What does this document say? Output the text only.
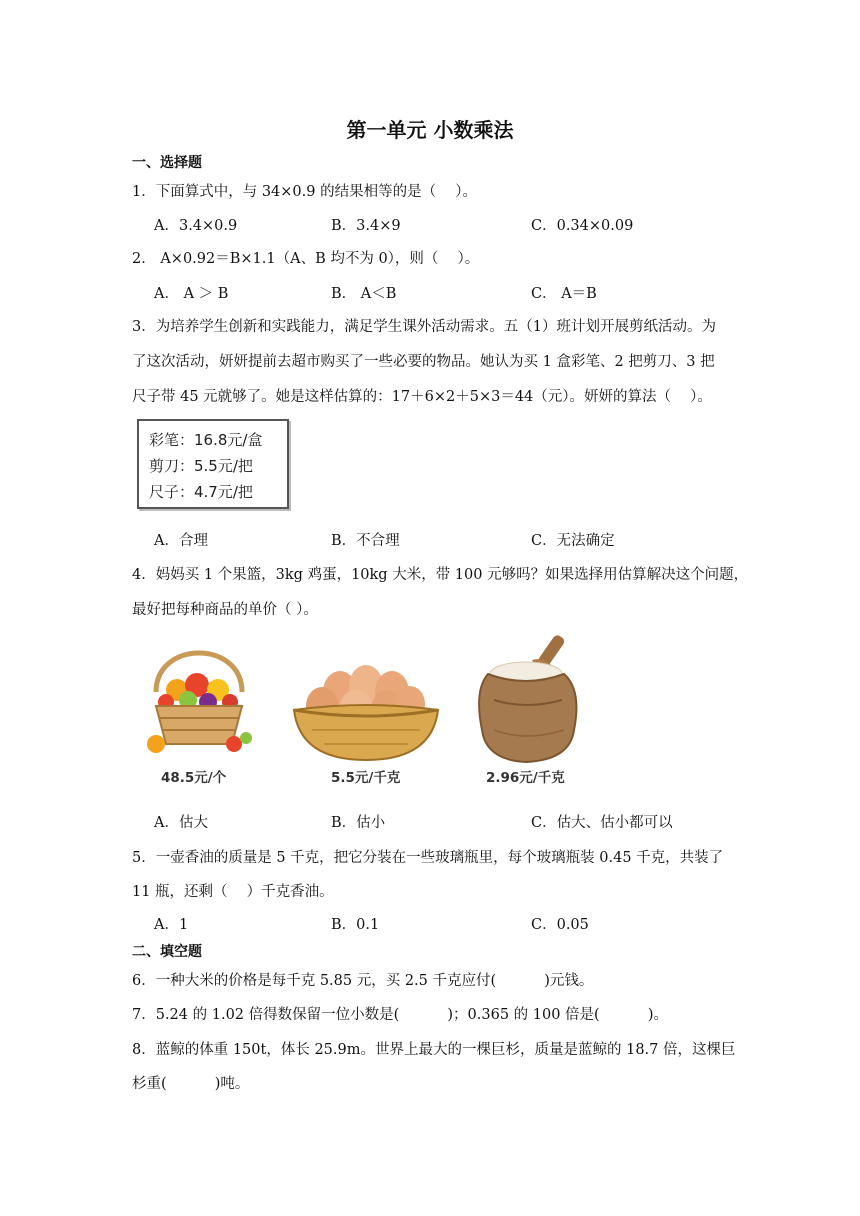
第一单元 小数乘法
一、选择题
1．下面算式中，与 34×0.9 的结果相等的是（　 ）。
A．3.4×0.9	B．3.4×9	C．0.34×0.09
2． A×0.92＝B×1.1（A、B 均不为 0），则（　 ）。
A． A ＞ B	B． A＜B	C． A＝B
3．为培养学生创新和实践能力，满足学生课外活动需求。五（1）班计划开展剪纸活动。为
了这次活动，妍妍提前去超市购买了一些必要的物品。她认为买 1 盒彩笔、2 把剪刀、3 把
尺子带 45 元就够了。她是这样估算的：17＋6×2＋5×3＝44（元）。妍妍的算法（　 ）。
彩笔：16.8元/盒
剪刀：5.5元/把
尺子：4.7元/把
A．合理	B．不合理	C．无法确定
4．妈妈买 1 个果篮，3kg 鸡蛋，10kg 大米，带 100 元够吗？如果选择用估算解决这个问题，
最好把每种商品的单价（ ）。
48.5元/个	5.5元/千克	2.96元/千克
A．估大	B．估小	C．估大、估小都可以
5．一壶香油的质量是 5 千克，把它分装在一些玻璃瓶里，每个玻璃瓶装 0.45 千克，共装了
11 瓶，还剩（　 ）千克香油。
A．1	B．0.1	C．0.05
二、填空题
6．一种大米的价格是每千克 5.85 元，买 2.5 千克应付(　　　 )元钱。
7．5.24 的 1.02 倍得数保留一位小数是(　　　 )；0.365 的 100 倍是(　　　 )。
8．蓝鲸的体重 150t，体长 25.9m。世界上最大的一棵巨杉，质量是蓝鲸的 18.7 倍，这棵巨
杉重(　　　 )吨。
